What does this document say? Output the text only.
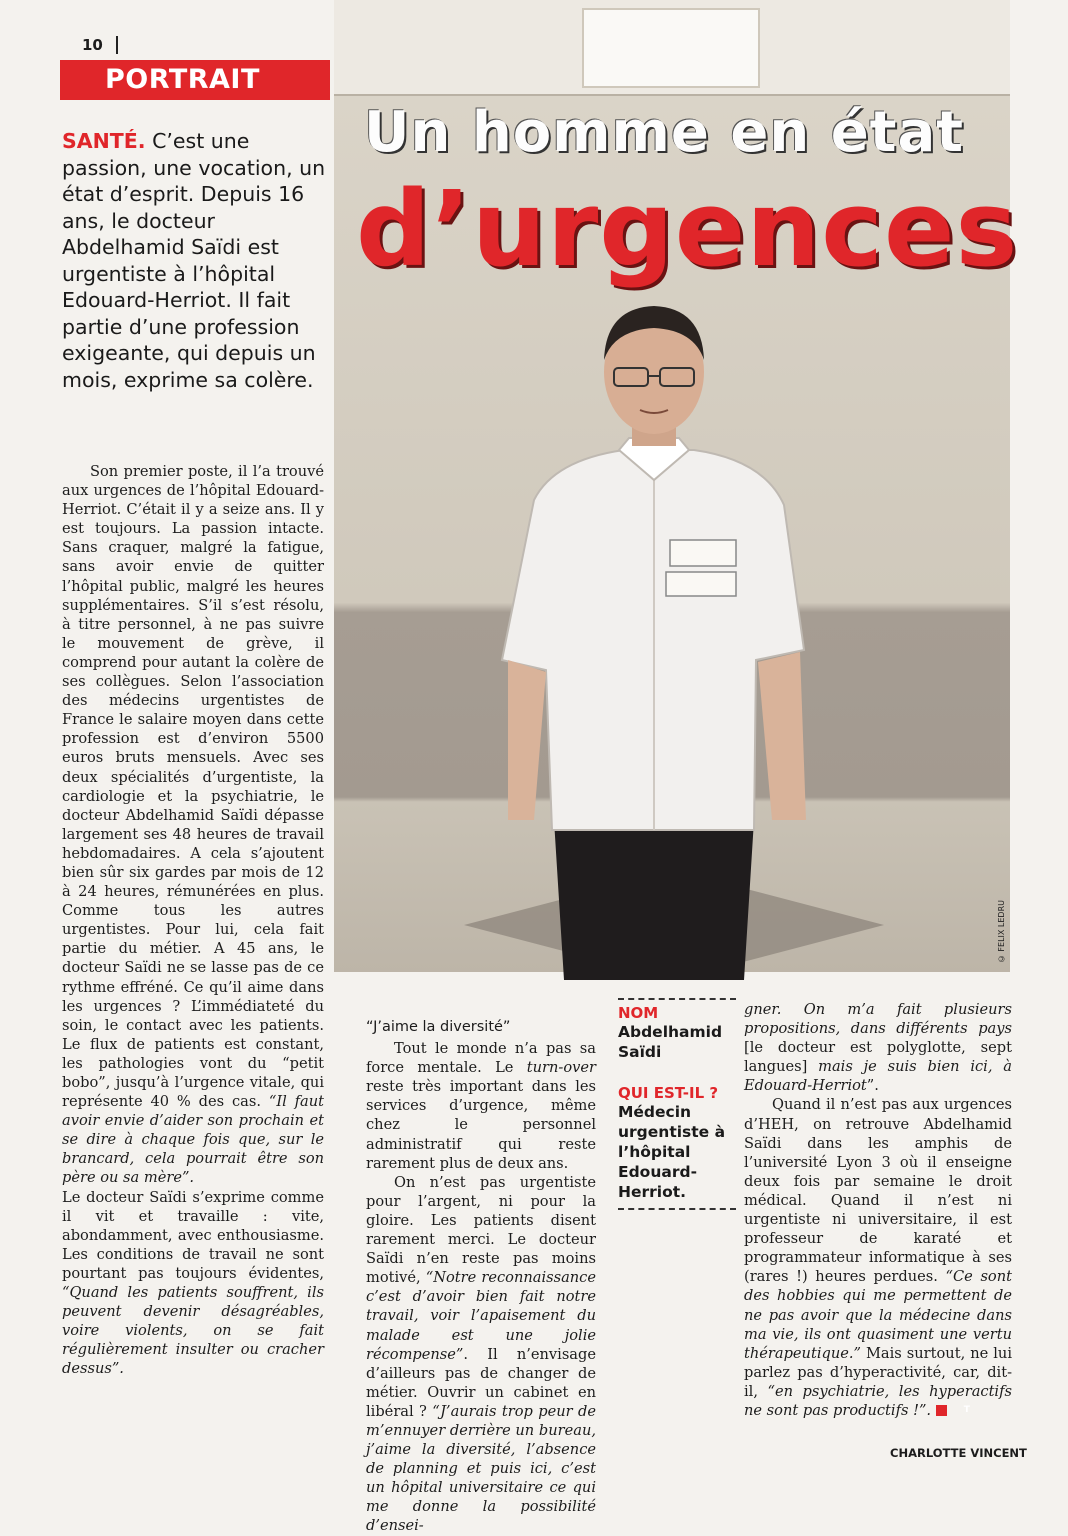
10
PORTRAIT
SANTÉ. C’est une passion, une vocation, un état d’esprit. Depuis 16 ans, le docteur Abdelhamid Saïdi est urgentiste à l’hôpital Edouard-Herriot. Il fait partie d’une profession exigeante, qui depuis un mois, exprime sa colère.
Un homme en état
d’urgences
© FELIX LEDRU

Son premier poste, il l’a trouvé aux urgences de l’hôpital Edouard-Herriot. C’était il y a seize ans. Il y est toujours. La passion intacte. Sans craquer, malgré la fatigue, sans avoir envie de quitter l’hôpital public, malgré les heures supplémentaires. S’il s’est résolu, à titre personnel, à ne pas suivre le mouvement de grève, il comprend pour autant la colère de ses collègues. Selon l’association des médecins urgentistes de France le salaire moyen dans cette profession est d’environ 5500 euros bruts mensuels. Avec ses deux spécialités d’urgentiste, la cardiologie et la psychiatrie, le docteur Abdelhamid Saïdi dépasse largement ses 48 heures de travail hebdomadaires. A cela s’ajoutent bien sûr six gardes par mois de 12 à 24 heures, rémunérées en plus. Comme tous les autres urgentistes. Pour lui, cela fait partie du métier. A 45 ans, le docteur Saïdi ne se lasse pas de ce rythme effréné. Ce qu’il aime dans les urgences ? L’immédiateté du soin, le contact avec les patients. Le flux de patients est constant, les pathologies vont du “petit bobo”, jusqu’à l’urgence vitale, qui représente 40 % des cas. “Il faut avoir envie d’aider son prochain et se dire à chaque fois que, sur le brancard, cela pourrait être son père ou sa mère”.

Le docteur Saïdi s’exprime comme il vit et travaille : vite, abondamment, avec enthousiasme. Les conditions de travail ne sont pourtant pas toujours évidentes, “Quand les patients souffrent, ils peuvent devenir désagréables, voire violents, on se fait régulièrement insulter ou cracher dessus”.

“J’aime la diversité”

Tout le monde n’a pas sa force mentale. Le turn-over reste très important dans les services d’urgence, même chez le personnel administratif qui reste rarement plus de deux ans.

On n’est pas urgentiste pour l’argent, ni pour la gloire. Les patients disent rarement merci. Le docteur Saïdi n’en reste pas moins motivé, “Notre reconnaissance c’est d’avoir bien fait notre travail, voir l’apaisement du malade est une jolie récompense”. Il n’envisage d’ailleurs pas de changer de métier. Ouvrir un cabinet en libéral ? “J’aurais trop peur de m’ennuyer derrière un bureau, j’aime la diversité, l’absence de planning et puis ici, c’est un hôpital universitaire ce qui me donne la possibilité d’ensei-

NOM
Abdelhamid Saïdi
QUI EST-IL ?
Médecin urgentiste à l’hôpital Edouard-Herriot.

gner. On m’a fait plusieurs propositions, dans différents pays [le docteur est polyglotte, sept langues] mais je suis bien ici, à Edouard-Herriot”.

Quand il n’est pas aux urgences d’HEH, on retrouve Abdelhamid Saïdi dans les amphis de l’université Lyon 3 où il enseigne deux fois par semaine le droit médical. Quand il n’est ni urgentiste ni universitaire, il est professeur de karaté et programmateur informatique à ses (rares !) heures perdues. “Ce sont des hobbies qui me permettent de ne pas avoir que la médecine dans ma vie, ils ont quasiment une vertu thérapeutique.” Mais surtout, ne lui parlez pas d’hyperactivité, car, dit-il, “en psychiatrie, les hyperactifs ne sont pas productifs !”.	T

CHARLOTTE VINCENT
